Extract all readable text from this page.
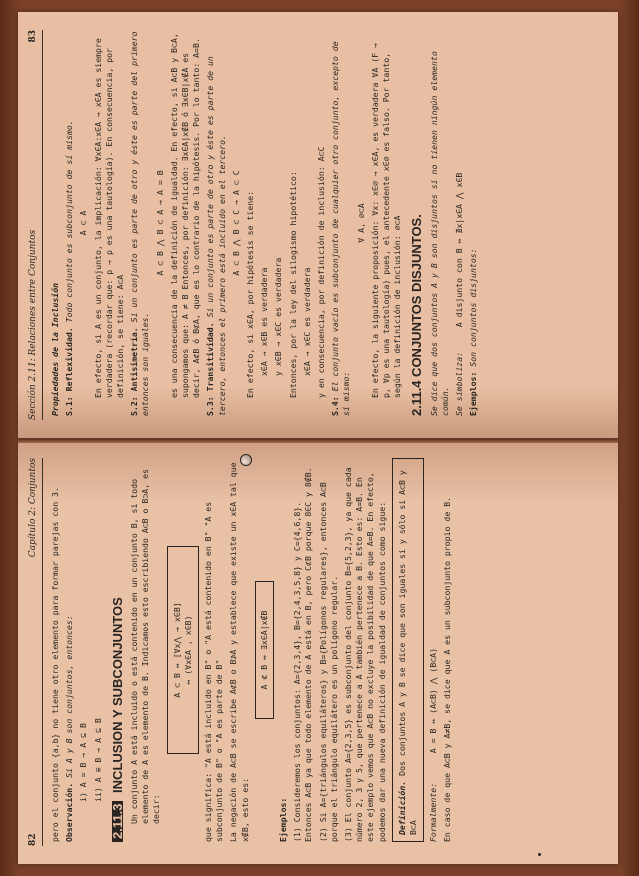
82
Capítulo 2: Conjuntos pero el conjunto {a,b} no tiene otro elemento para formar parejas con 3. Observación. Si A y B son conjuntos, entonces: i) A = B → A ⊆ B ii) A ≡ B → A ⊆ B

2.11.3 INCLUSION Y SUBCONJUNTOS Un conjunto A está incluido o está contenido en un conjunto B, si todo elemento de A es elemento de B. Indicamos esto escribiendo A⊂B o B⊃A, es decir:

A ⊂ B ↔ [∀x⋀ → x∈B] ↔ (∀x∈A , x∈B) que significa: "A está incluido en B" o "A está contenido en B" "A es subconjunto de B" o "A es parte de B" La negación de A⊂B se escribe A⊄B o B⊅A y establece que existe un x∈A tal que x∉B, esto es:

A ⊄ B ↔ ∃x∈A|x∉B

Ejemplos: (1) Consideremos los conjuntos: A={2,3,4}, B={2,4,3,5,8} y C={4,6,8}. Entonces A⊂B ya que todo elemento de A está en B, pero C⊄B porque 8∈C y 8∉B. (2) Si A={triángulos equiláteros} y B={Polígonos regulares}, entonces A⊂B porque el triángulo equilátero es un polígono regular. (3) El conjunto A={2,3,5} es subconjunto del conjunto B={5,2,3}, ya que cada número 2, 3 y 5, que pertenece a A también pertenece a B. Esto es: A=B. En este ejemplo vemos que A⊂B no excluye la posibilidad de que A=B. En efecto, podemos dar una nueva definición de igualdad de conjuntos como sigue:	Definición. Dos conjuntos A y B se dice que son iguales si y sólo si A⊂B y B⊂A	Formalmente:      A = B ↔ (A⊂B) ⋀ (B⊂A) En caso de que A⊂B y A≠B, se dice que A es un subconjunto propio de B.

Sección 2.11: Relaciones entre Conjuntos
83

Propiedades de la Inclusión S.1: Reflexividad. Todo conjunto es subconjunto de sí mismo. A ⊂ A En efecto, si A es un conjunto, la implicación: ∀x∈A:x∈A → x∈A es siempre verdadera (recordar que: p → p es una tautología). En consecuencia, por definición, se tiene: A⊂A S.2: Antisimetría. Si un conjunto es parte de otro y éste es parte del primero entonces son iguales.

A ⊂ B ⋀ B ⊂ A → A = B es una consecuencia de la definición de igualdad. En efecto, si A⊂B y B⊂A, supongamos que: A ≠ B Entonces, por definición: ∃x∈A|x∉B ó ∃x∈B|x∉A es decir, A⊄B ó B⊄A, que es lo contrario de la hipótesis. Por lo tanto: A=B. S.3: Transitividad. Si un conjunto es parte de otro y éste es parte de un tercero, entonces el primero está incluido en el tercero. A ⊂ B ⋀ B ⊂ C → A ⊂ C En efecto, si x∈A, por hipótesis se tiene: x∈A → x∈B es verdadera y x∈B → x∈C es verdadera Entonces, por la ley del silogismo hipotético: x∈A → x∈C es verdadera y en consecuencia, por definición de inclusión: A⊂C

S.4: El conjunto vacío es subconjunto de cualquier otro conjunto, excepto de sí mismo:

∀ A, ∅⊂A En efecto, la siguiente proposición: ∀x: x∈∅ → x∈A, es verdadera ∀A (F → p, ∀p es una tautología) pues, el antecedente x∈∅ es falso. Por tanto, según la definición de inclusión: ∅⊂A

2.11.4 CONJUNTOS DISJUNTOS. Se dice que dos conjuntos A y B son disjuntos si no tienen ningún elemento común. Se simboliza:     A disjunto con B ↔ ∄x|x∈A ⋀ x∈B

Ejemplos: Son conjuntos disjuntos:
